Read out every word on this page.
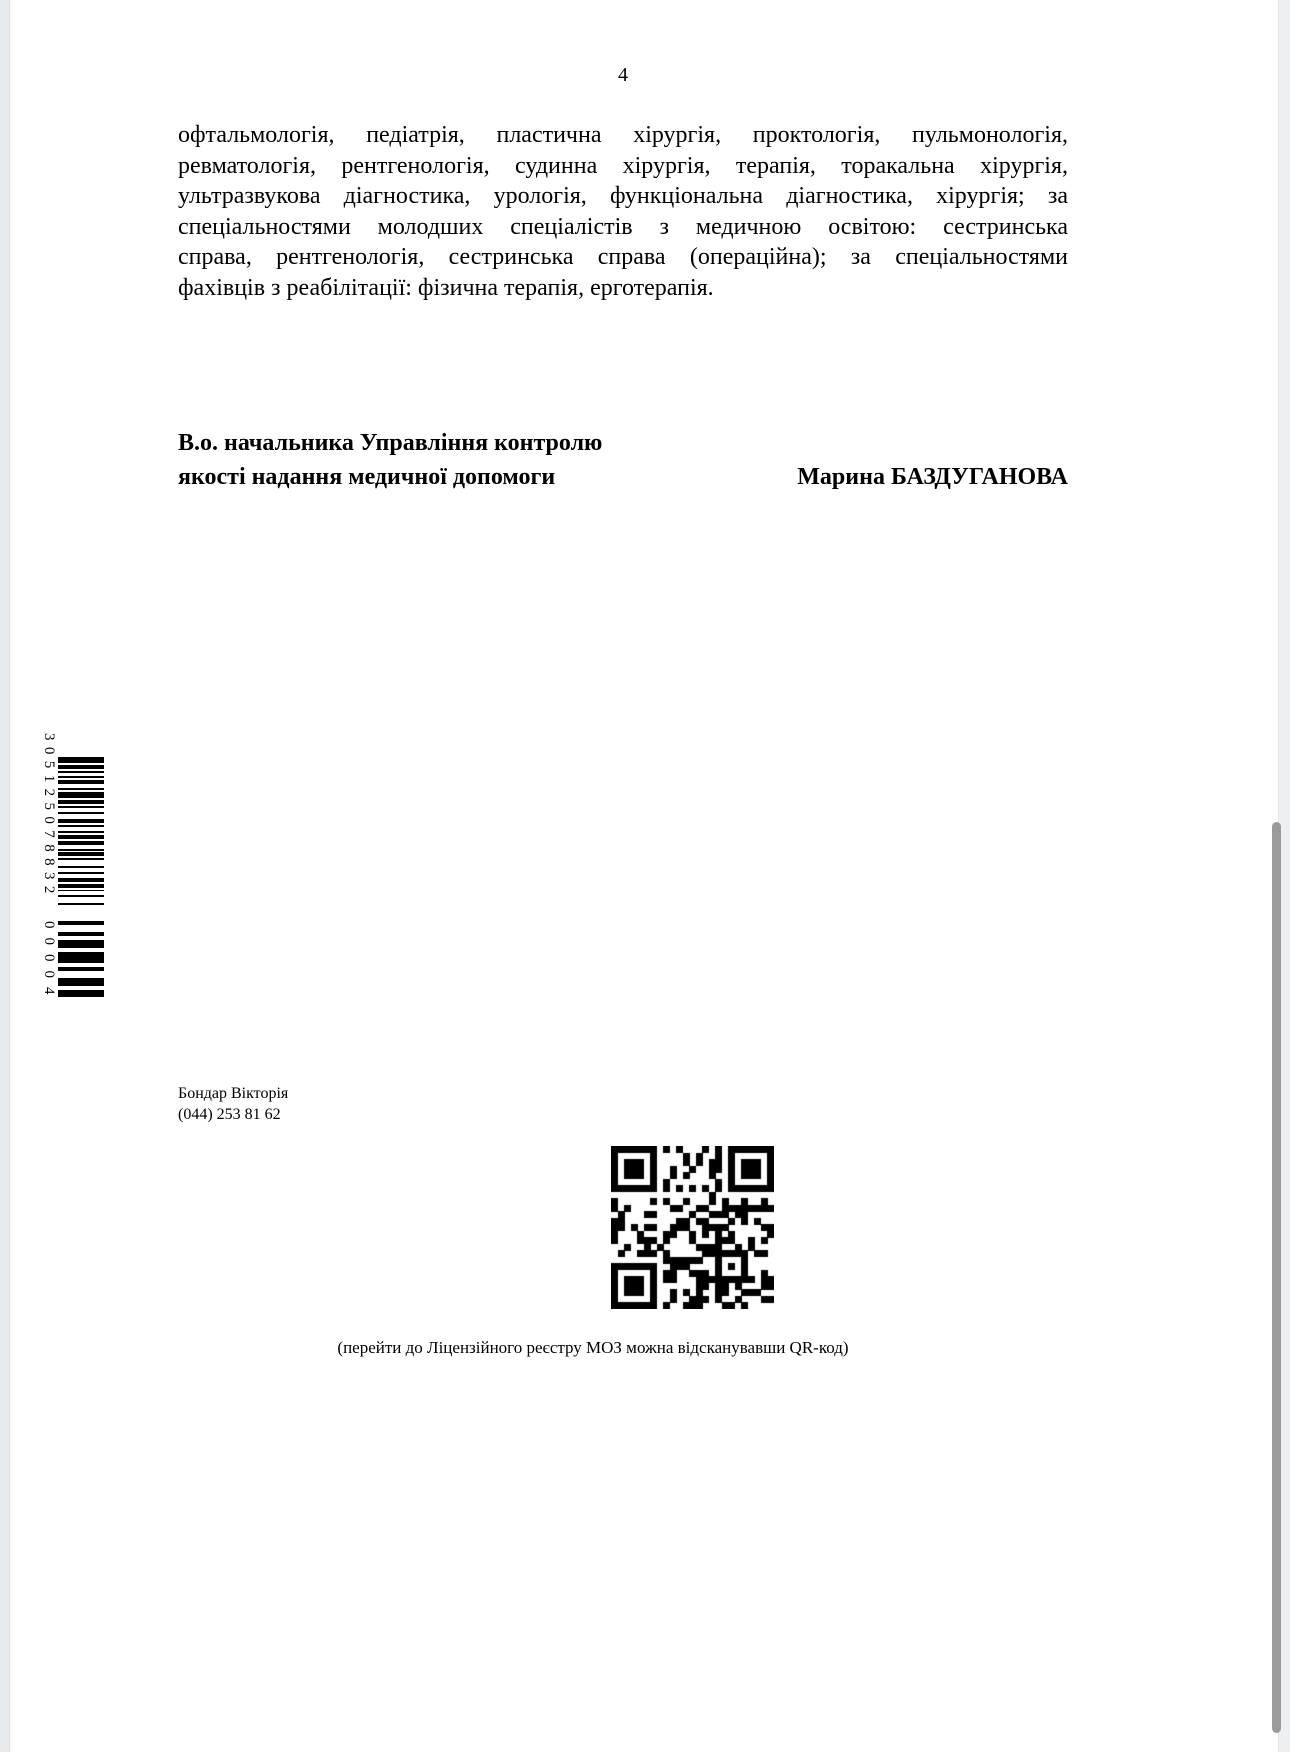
4
офтальмологія, педіатрія, пластична хірургія, проктологія, пульмонологія,
ревматологія, рентгенологія, судинна хірургія, терапія, торакальна хірургія,
ультразвукова діагностика, урологія, функціональна діагностика, хірургія; за
спеціальностями молодших спеціалістів з медичною освітою: сестринська
справа, рентгенологія, сестринська справа (операційна); за спеціальностями
фахівців з реабілітації: фізична терапія, ерготерапія.
В.о. начальника Управління контролю
якості надання медичної допомоги	Марина БАЗДУГАНОВА
305125078832
00004
Бондар Вікторія
(044) 253 81 62
(перейти до Ліцензійного реєстру МОЗ можна відсканувавши QR-код)
